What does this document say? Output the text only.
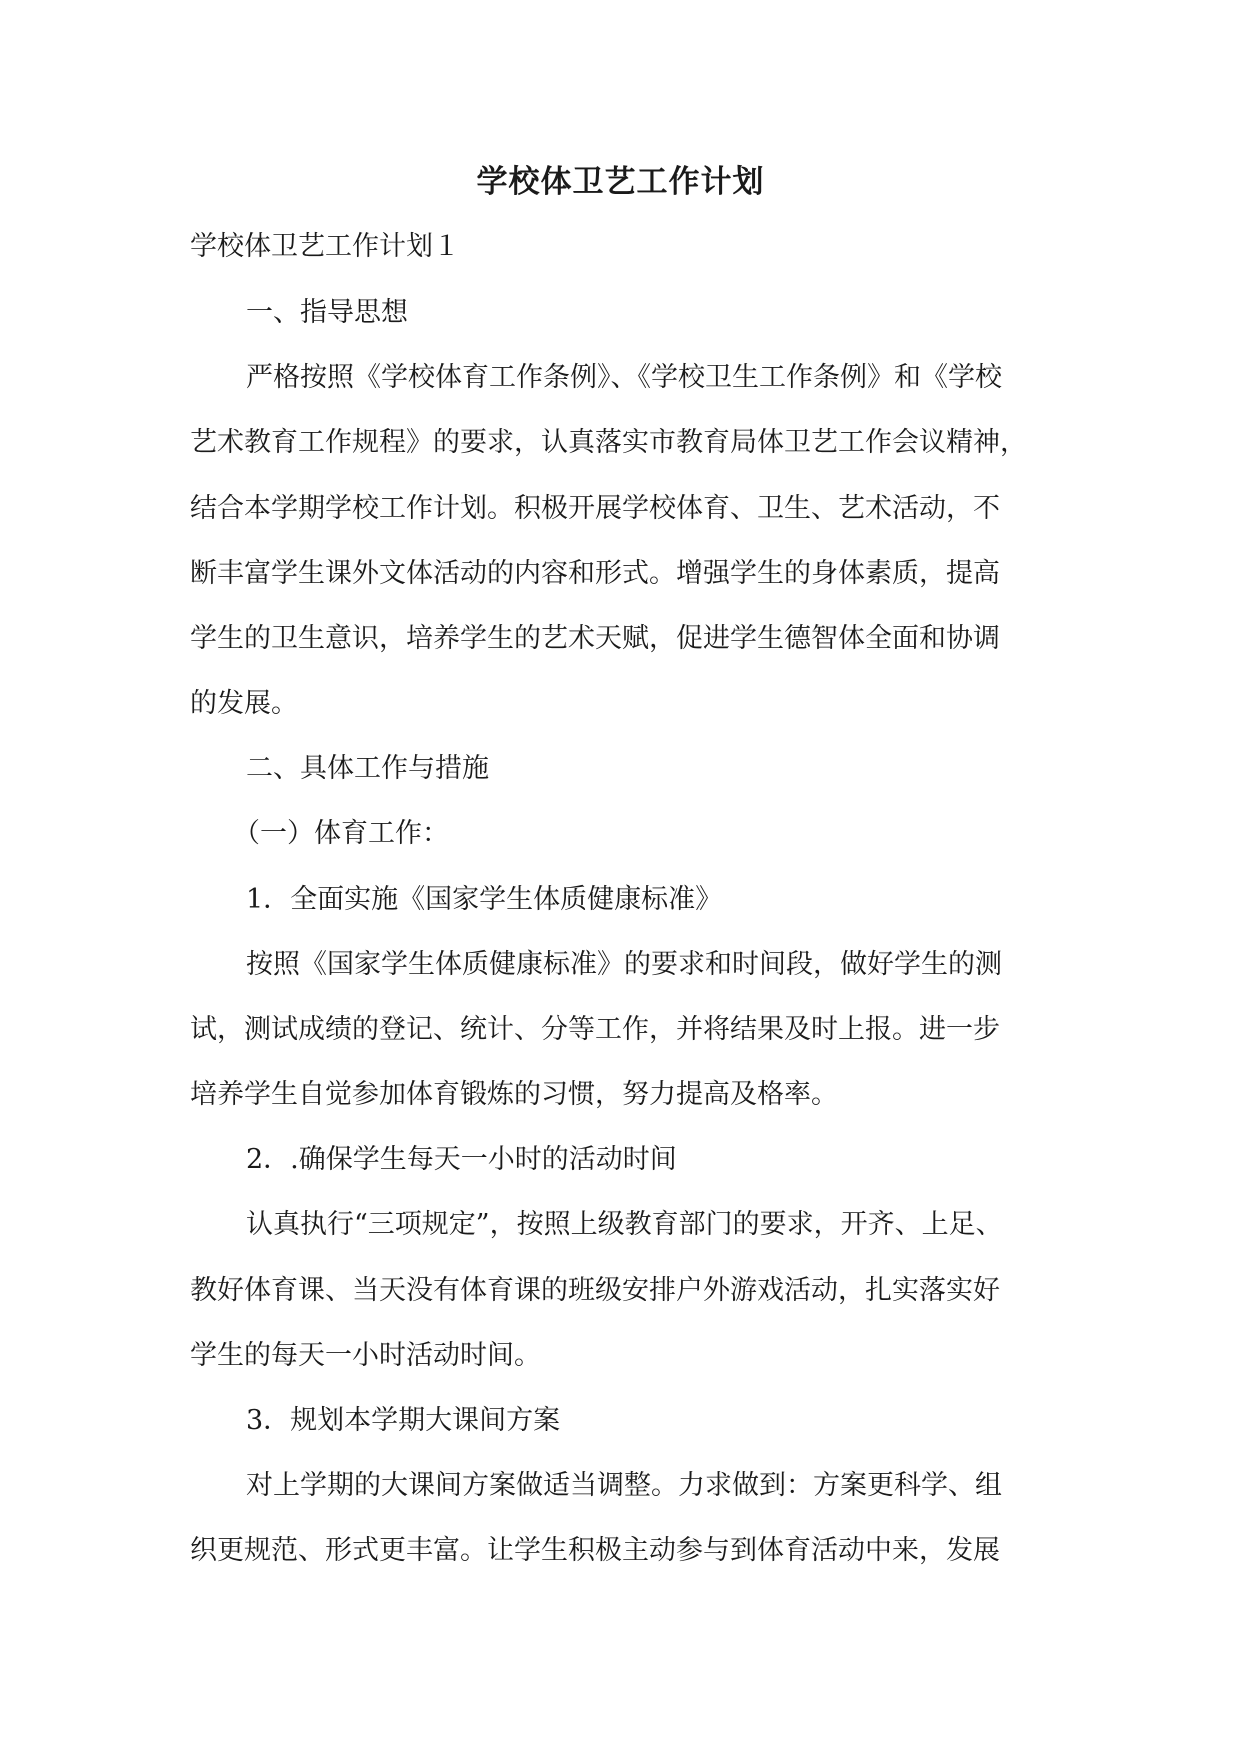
学校体卫艺工作计划

学校体卫艺工作计划１

一、指导思想

严格按照《学校体育工作条例》、《学校卫生工作条例》和《学校

艺术教育工作规程》的要求，认真落实市教育局体卫艺工作会议精神，

结合本学期学校工作计划。积极开展学校体育、卫生、艺术活动，不

断丰富学生课外文体活动的内容和形式。增强学生的身体素质，提高

学生的卫生意识，培养学生的艺术天赋，促进学生德智体全面和协调

的发展。

二、具体工作与措施

（一）体育工作：

1．全面实施《国家学生体质健康标准》

按照《国家学生体质健康标准》的要求和时间段，做好学生的测

试，测试成绩的登记、统计、分等工作，并将结果及时上报。进一步

培养学生自觉参加体育锻炼的习惯，努力提高及格率。

2．.确保学生每天一小时的活动时间

认真执行“三项规定”，按照上级教育部门的要求，开齐、上足、

教好体育课、当天没有体育课的班级安排户外游戏活动，扎实落实好

学生的每天一小时活动时间。

3．规划本学期大课间方案

对上学期的大课间方案做适当调整。力求做到：方案更科学、组

织更规范、形式更丰富。让学生积极主动参与到体育活动中来，发展
